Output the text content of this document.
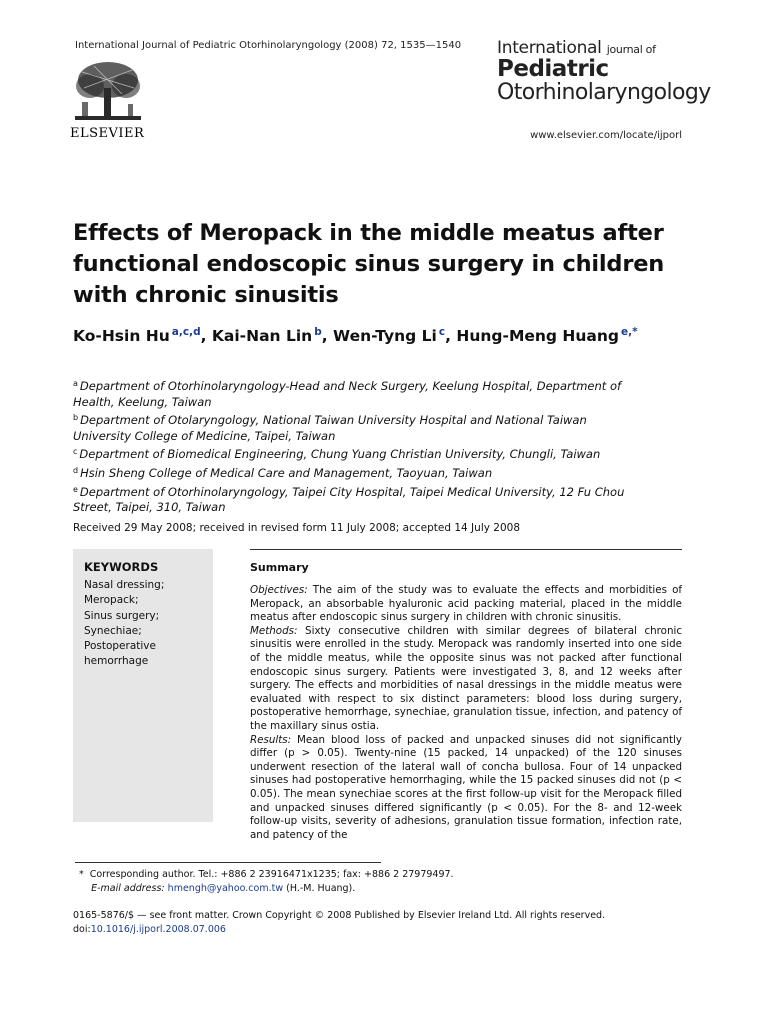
International Journal of Pediatric Otorhinolaryngology (2008) 72, 1535—1540
ELSEVIER
International journal of
Pediatric
Otorhinolaryngology
www.elsevier.com/locate/ijporl
Effects of Meropack in the middle meatus after functional endoscopic sinus surgery in children with chronic sinusitis
Ko-Hsin Hu $^{a,c,d}$, Kai-Nan Lin $^b$, Wen-Tyng Li $^c$, Hung-Meng Huang $^{e,*}$
$^a$ Department of Otorhinolaryngology-Head and Neck Surgery, Keelung Hospital, Department of Health, Keelung, Taiwan
$^b$ Department of Otolaryngology, National Taiwan University Hospital and National Taiwan University College of Medicine, Taipei, Taiwan
$^c$ Department of Biomedical Engineering, Chung Yuang Christian University, Chungli, Taiwan
$^d$ Hsin Sheng College of Medical Care and Management, Taoyuan, Taiwan
$^e$ Department of Otorhinolaryngology, Taipei City Hospital, Taipei Medical University, 12 Fu Chou Street, Taipei, 310, Taiwan
Received 29 May 2008; received in revised form 11 July 2008; accepted 14 July 2008
KEYWORDS
Nasal dressing;
Meropack;
Sinus surgery;
Synechiae;
Postoperative
hemorrhage
Summary

Objectives: The aim of the study was to evaluate the effects and morbidities of Meropack, an absorbable hyaluronic acid packing material, placed in the middle meatus after endoscopic sinus surgery in children with chronic sinusitis.

Methods: Sixty consecutive children with similar degrees of bilateral chronic sinusitis were enrolled in the study. Meropack was randomly inserted into one side of the middle meatus, while the opposite sinus was not packed after functional endoscopic sinus surgery. Patients were investigated 3, 8, and 12 weeks after surgery. The effects and morbidities of nasal dressings in the middle meatus were evaluated with respect to six distinct parameters: blood loss during surgery, postoperative hemorrhage, synechiae, granulation tissue, infection, and patency of the maxillary sinus ostia.

Results: Mean blood loss of packed and unpacked sinuses did not significantly differ (p > 0.05). Twenty-nine (15 packed, 14 unpacked) of the 120 sinuses underwent resection of the lateral wall of concha bullosa. Four of 14 unpacked sinuses had postoperative hemorrhaging, while the 15 packed sinuses did not (p < 0.05). The mean synechiae scores at the first follow-up visit for the Meropack filled and unpacked sinuses differed significantly (p < 0.05). For the 8- and 12-week follow-up visits, severity of adhesions, granulation tissue formation, infection rate, and patency of the

* Corresponding author. Tel.: +886 2 23916471x1235; fax: +886 2 27979497.
E-mail address: hmengh@yahoo.com.tw (H.-M. Huang).
0165-5876/$ — see front matter. Crown Copyright © 2008 Published by Elsevier Ireland Ltd. All rights reserved.
doi:10.1016/j.ijporl.2008.07.006
